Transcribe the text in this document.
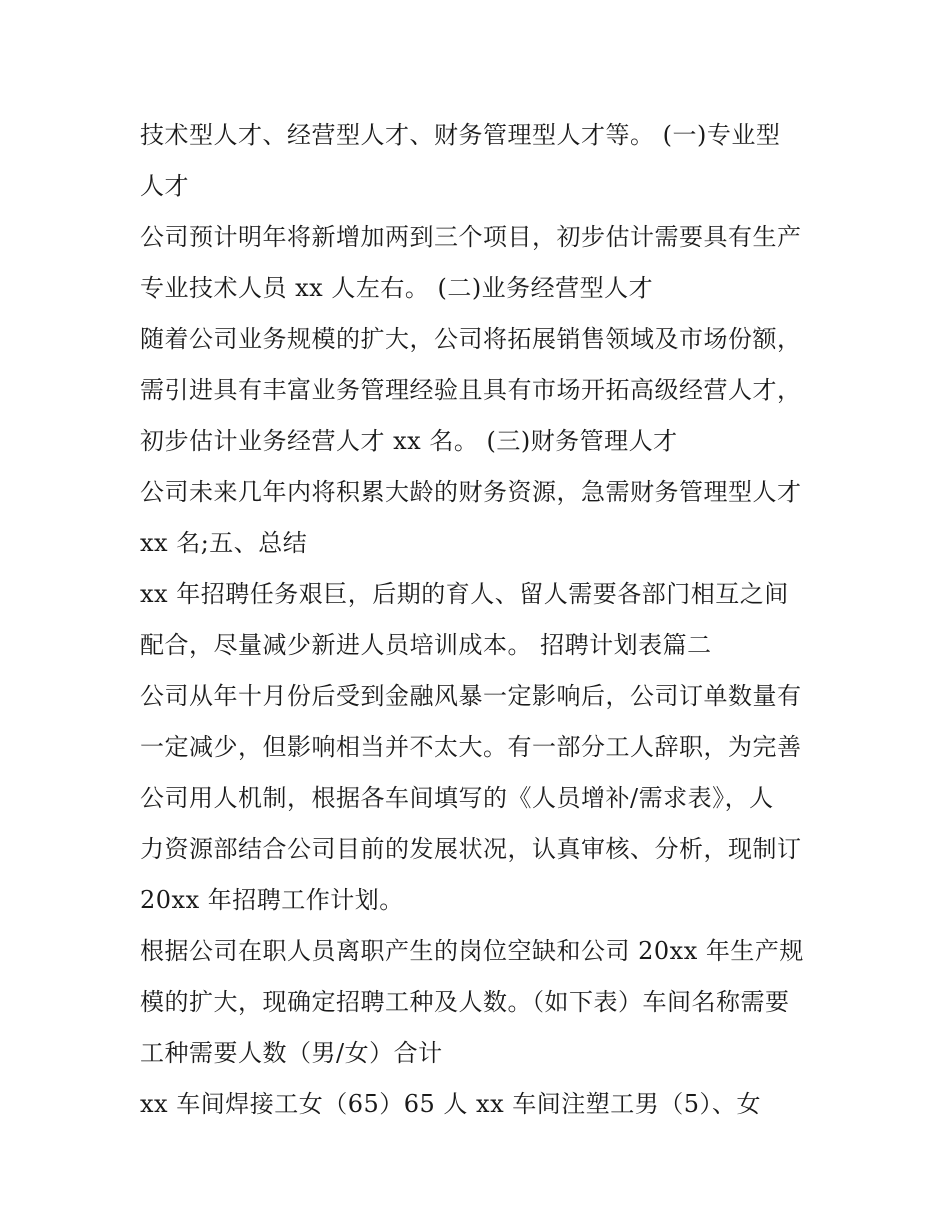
技术型人才、经营型人才、财务管理型人才等。 (一)专业型
人才
公司预计明年将新增加两到三个项目，初步估计需要具有生产
专业技术人员 xx 人左右。 (二)业务经营型人才
随着公司业务规模的扩大，公司将拓展销售领域及市场份额，
需引进具有丰富业务管理经验且具有市场开拓高级经营人才，
初步估计业务经营人才 xx 名。 (三)财务管理人才
公司未来几年内将积累大龄的财务资源，急需财务管理型人才
xx 名;五、总结
xx 年招聘任务艰巨，后期的育人、留人需要各部门相互之间
配合，尽量减少新进人员培训成本。 招聘计划表篇二
公司从年十月份后受到金融风暴一定影响后，公司订单数量有
一定减少，但影响相当并不太大。有一部分工人辞职，为完善
公司用人机制，根据各车间填写的《人员增补/需求表》，人
力资源部结合公司目前的发展状况，认真审核、分析，现制订
20xx 年招聘工作计划。
根据公司在职人员离职产生的岗位空缺和公司 20xx 年生产规
模的扩大，现确定招聘工种及人数。（如下表）车间名称需要
工种需要人数（男/女）合计
xx 车间焊接工女（65）65 人 xx 车间注塑工男（5）、女
